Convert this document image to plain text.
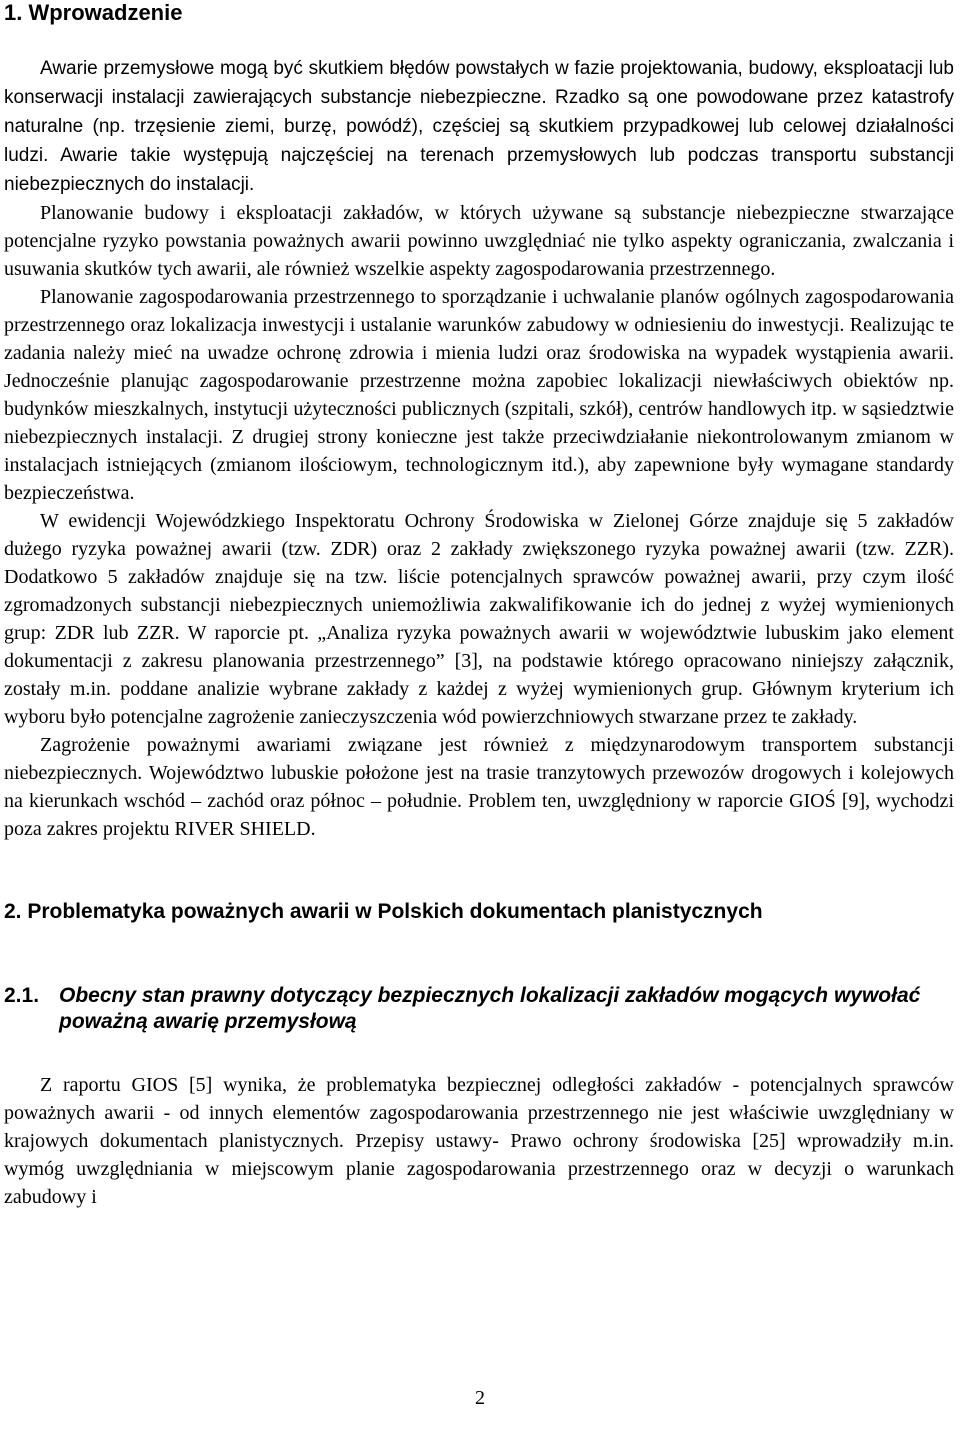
1. Wprowadzenie

Awarie przemysłowe mogą być skutkiem błędów powstałych w fazie projektowania, budowy, eksploatacji lub konserwacji instalacji zawierających substancje niebezpieczne. Rzadko są one powodowane przez katastrofy naturalne (np. trzęsienie ziemi, burzę, powódź), częściej są skutkiem przypadkowej lub celowej działalności ludzi. Awarie takie występują najczęściej na terenach przemysłowych lub podczas transportu substancji niebezpiecznych do instalacji.

Planowanie budowy i eksploatacji zakładów, w których używane są substancje niebezpieczne stwarzające potencjalne ryzyko powstania poważnych awarii powinno uwzględniać nie tylko aspekty ograniczania, zwalczania i usuwania skutków tych awarii, ale również wszelkie aspekty zagospodarowania przestrzennego.

Planowanie zagospodarowania przestrzennego to sporządzanie i uchwalanie planów ogólnych zagospodarowania przestrzennego oraz lokalizacja inwestycji i ustalanie warunków zabudowy w odniesieniu do inwestycji. Realizując te zadania należy mieć na uwadze ochronę zdrowia i mienia ludzi oraz środowiska na wypadek wystąpienia awarii. Jednocześnie planując zagospodarowanie przestrzenne można zapobiec lokalizacji niewłaściwych obiektów np. budynków mieszkalnych, instytucji użyteczności publicznych (szpitali, szkół), centrów handlowych itp. w sąsiedztwie niebezpiecznych instalacji. Z drugiej strony konieczne jest także przeciwdziałanie niekontrolowanym zmianom w instalacjach istniejących (zmianom ilościowym, technologicznym itd.), aby zapewnione były wymagane standardy bezpieczeństwa.

W ewidencji Wojewódzkiego Inspektoratu Ochrony Środowiska w Zielonej Górze znajduje się 5 zakładów dużego ryzyka poważnej awarii (tzw. ZDR) oraz 2 zakłady zwiększonego ryzyka poważnej awarii (tzw. ZZR). Dodatkowo 5 zakładów znajduje się na tzw. liście potencjalnych sprawców poważnej awarii, przy czym ilość zgromadzonych substancji niebezpiecznych uniemożliwia zakwalifikowanie ich do jednej z wyżej wymienionych grup: ZDR lub ZZR. W raporcie pt. „Analiza ryzyka poważnych awarii w województwie lubuskim jako element dokumentacji z zakresu planowania przestrzennego” [3], na podstawie którego opracowano niniejszy załącznik, zostały m.in. poddane analizie wybrane zakłady z każdej z wyżej wymienionych grup. Głównym kryterium ich wyboru było potencjalne zagrożenie zanieczyszczenia wód powierzchniowych stwarzane przez te zakłady.

Zagrożenie poważnymi awariami związane jest również z międzynarodowym transportem substancji niebezpiecznych. Województwo lubuskie położone jest na trasie tranzytowych przewozów drogowych i kolejowych na kierunkach wschód – zachód oraz północ – południe. Problem ten, uwzględniony w raporcie GIOŚ [9], wychodzi poza zakres projektu RIVER SHIELD.

2. Problematyka poważnych awarii w Polskich dokumentach planistycznych
2.1. Obecny stan prawny dotyczący bezpiecznych lokalizacji zakładów mogących wywołać poważną awarię przemysłową

Z raportu GIOS [5] wynika, że problematyka bezpiecznej odległości zakładów - potencjalnych sprawców poważnych awarii - od innych elementów zagospodarowania przestrzennego nie jest właściwie uwzględniany w krajowych dokumentach planistycznych. Przepisy ustawy- Prawo ochrony środowiska [25] wprowadziły m.in. wymóg uwzględniania w miejscowym planie zagospodarowania przestrzennego oraz w decyzji o warunkach zabudowy i

2
